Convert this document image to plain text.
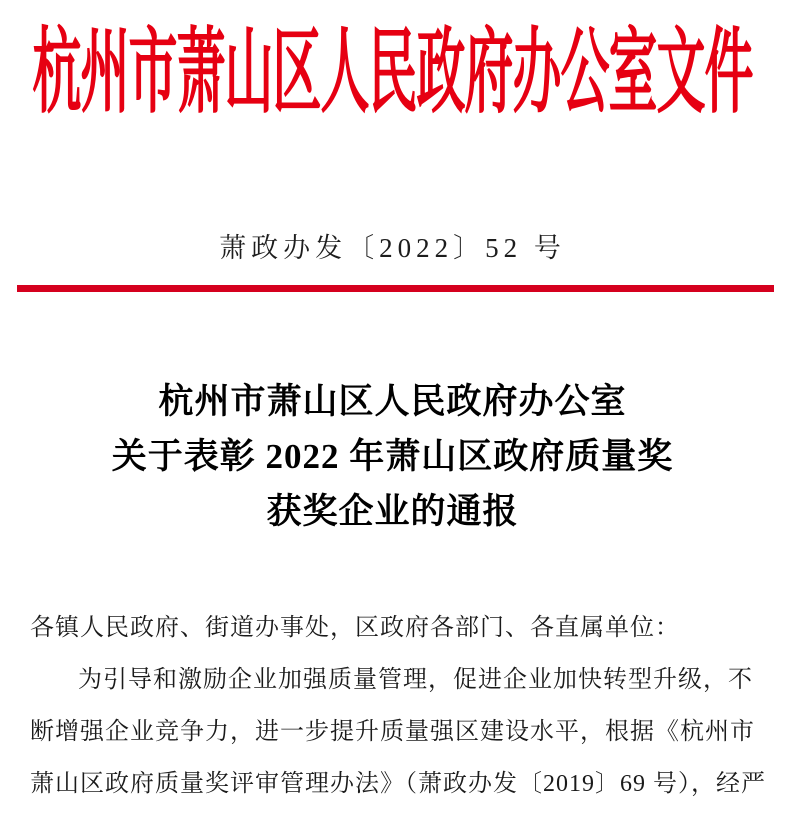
杭州市萧山区人民政府办公室文件
萧政办发〔2022〕52 号
杭州市萧山区人民政府办公室
关于表彰 2022 年萧山区政府质量奖
获奖企业的通报
各镇人民政府、街道办事处，区政府各部门、各直属单位：
为引导和激励企业加强质量管理，促进企业加快转型升级，不
断增强企业竞争力，进一步提升质量强区建设水平，根据《杭州市
萧山区政府质量奖评审管理办法》（萧政办发〔2019〕69 号），经严
